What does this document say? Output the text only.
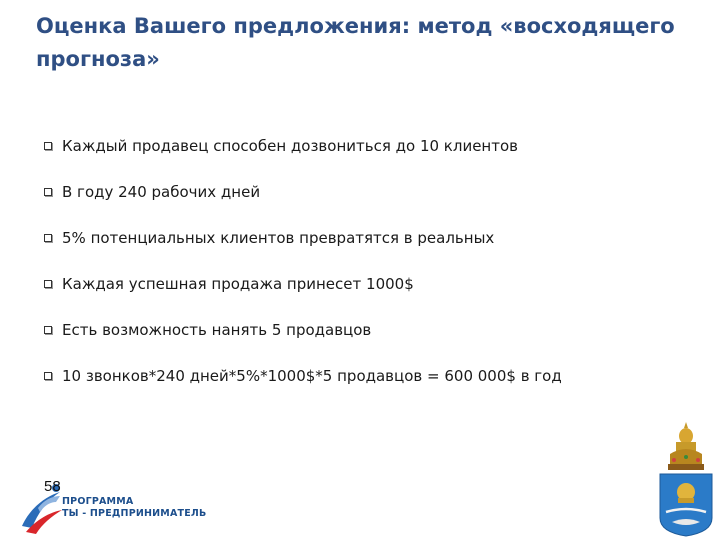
Оценка Вашего предложения: метод «восходящего прогноза»
Каждый продавец способен дозвониться до 10 клиентов
В году 240 рабочих дней
5% потенциальных клиентов превратятся в реальных
Каждая успешная продажа принесет 1000$
Есть возможность нанять 5 продавцов
10 звонков*240 дней*5%*1000$*5 продавцов = 600 000$ в год
ПРОГРАММА
ТЫ - ПРЕДПРИНИМАТЕЛЬ
58
